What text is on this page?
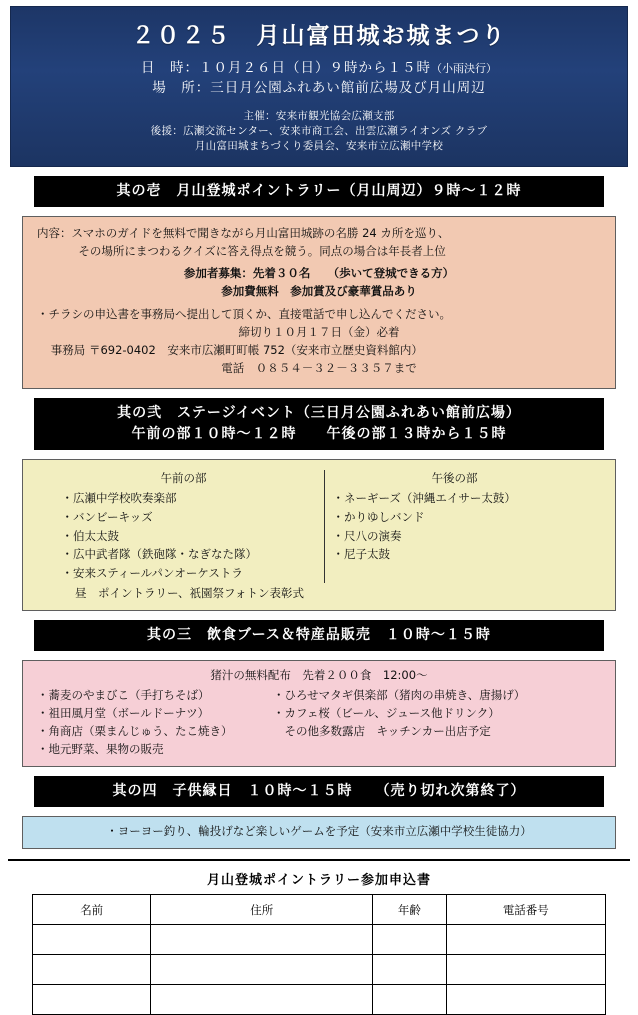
２０２５　月山富田城お城まつり
日　時：１０月２６日（日）９時から１５時（小雨決行）
場　所：三日月公園ふれあい館前広場及び月山周辺
主催：安来市観光協会広瀬支部
後援：広瀬交流センター、安来市商工会、出雲広瀬ライオンズ クラブ
月山富田城まちづくり委員会、安来市立広瀬中学校
其の壱　月山登城ポイントラリー（月山周辺）９時～１２時
内容：スマホのガイドを無料で聞きながら月山富田城跡の名勝 24 カ所を巡り、
その場所にまつわるクイズに答え得点を競う。同点の場合は年長者上位
参加者募集：先着３０名　　（歩いて登城できる方）
参加費無料　参加賞及び豪華賞品あり
・チラシの申込書を事務局へ提出して頂くか、直接電話で申し込んでください。
締切り１０月１７日（金）必着
事務局 〒692-0402　安来市広瀬町町帳 752（安来市立歴史資料館内）
電話　０８５４－３２－３３５７まで
其の弐　ステージイベント（三日月公園ふれあい館前広場）
午前の部１０時～１２時　　午後の部１３時から１５時
午前の部
・広瀬中学校吹奏楽部
・バンビーキッズ
・伯太太鼓
・広中武者隊（鉄砲隊・なぎなた隊）
・安来スティールパンオーケストラ
午後の部
・ネーギーズ（沖縄エイサー太鼓）
・かりゆしバンド
・尺八の演奏
・尼子太鼓
昼　ポイントラリー、祇園祭フォトン表彰式
其の三　飲食ブース＆特産品販売　１０時～１５時
猪汁の無料配布　先着２００食　12:00～
・蕎麦のやまびこ（手打ちそば）	・ひろせマタギ倶楽部（猪肉の串焼き、唐揚げ）
・祖田風月堂（ボールドーナツ）	・カフェ桜（ビール、ジュース他ドリンク）
・角商店（栗まんじゅう、たこ焼き）	　その他多数露店　キッチンカー出店予定
・地元野菜、果物の販売
其の四　子供縁日　１０時～１５時　　（売り切れ次第終了）
・ヨーヨー釣り、輪投げなど楽しいゲームを予定（安来市立広瀬中学校生徒協力）
月山登城ポイントラリー参加申込書
名前	住所	年齢	電話番号
